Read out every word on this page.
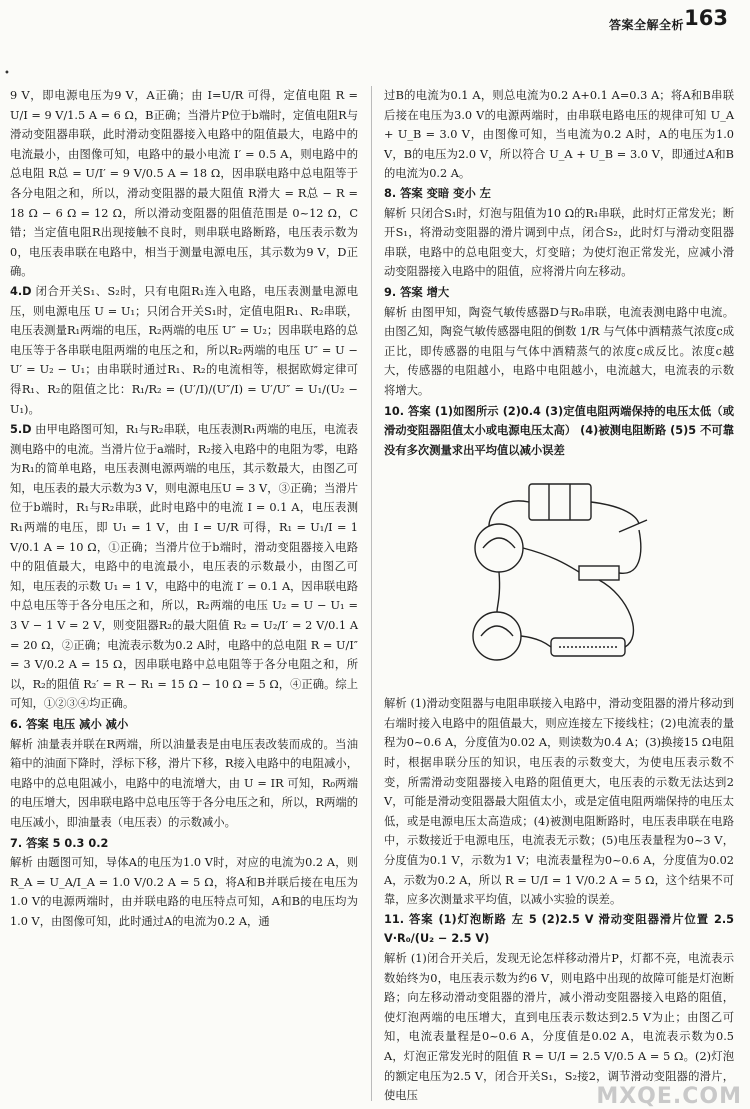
答案全解全析 163
•

9 V，即电源电压为9 V，A正确；由 I=U/R 可得，定值电阻 R = U/I = 9 V/1.5 A = 6 Ω，B正确；当滑片P位于b端时，定值电阻R与滑动变阻器串联，此时滑动变阻器接入电路中的阻值最大，电路中的电流最小，由图像可知，电路中的最小电流 I′ = 0.5 A，则电路中的总电阻 R总 = U/I′ = 9 V/0.5 A = 18 Ω，因串联电路中总电阻等于各分电阻之和，所以，滑动变阻器的最大阻值 R滑大 = R总 − R = 18 Ω − 6 Ω = 12 Ω，所以滑动变阻器的阻值范围是 0~12 Ω，C错；当定值电阻R出现接触不良时，则串联电路断路，电压表示数为0，电压表串联在电路中，相当于测量电源电压，其示数为9 V，D正确。

4.D 闭合开关S₁、S₂时，只有电阻R₁连入电路，电压表测量电源电压，则电源电压 U = U₁；只闭合开关S₁时，定值电阻R₁、R₂串联，电压表测量R₁两端的电压，R₂两端的电压 U″ = U₂；因串联电路的总电压等于各串联电阻两端的电压之和，所以R₂两端的电压 U″ = U − U′ = U₂ − U₁；由串联时通过R₁、R₂的电流相等，根据欧姆定律可得R₁、R₂的阻值之比：R₁/R₂ = (U′/I)/(U″/I) = U′/U″ = U₁/(U₂ − U₁)。

5.D 由甲电路图可知，R₁与R₂串联，电压表测R₁两端的电压，电流表测电路中的电流。当滑片位于a端时，R₂接入电路中的电阻为零，电路为R₁的简单电路，电压表测电源两端的电压，其示数最大，由图乙可知，电压表的最大示数为3 V，则电源电压U = 3 V，③正确；当滑片位于b端时，R₁与R₂串联，此时电路中的电流 I = 0.1 A，电压表测R₁两端的电压，即 U₁ = 1 V，由 I = U/R 可得，R₁ = U₁/I = 1 V/0.1 A = 10 Ω，①正确；当滑片位于b端时，滑动变阻器接入电路中的阻值最大，电路中的电流最小，电压表的示数最小，由图乙可知，电压表的示数 U₁ = 1 V，电路中的电流 I′ = 0.1 A，因串联电路中总电压等于各分电压之和，所以，R₂两端的电压 U₂ = U − U₁ = 3 V − 1 V = 2 V，则变阻器R₂的最大阻值 R₂ = U₂/I′ = 2 V/0.1 A = 20 Ω，②正确；电流表示数为0.2 A时，电路中的总电阻 R = U/I″ = 3 V/0.2 A = 15 Ω，因串联电路中总电阻等于各分电阻之和，所以，R₂的阻值 R₂′ = R − R₁ = 15 Ω − 10 Ω = 5 Ω，④正确。综上可知，①②③④均正确。

6. 答案 电压 减小 减小
解析 油量表并联在R两端，所以油量表是由电压表改装而成的。当油箱中的油面下降时，浮标下移，滑片下移，R接入电路中的电阻减小，电路中的总电阻减小，电路中的电流增大，由 U = IR 可知，R₀两端的电压增大，因串联电路中总电压等于各分电压之和，所以，R两端的电压减小，即油量表（电压表）的示数减小。

7. 答案 5 0.3 0.2
解析 由题图可知，导体A的电压为1.0 V时，对应的电流为0.2 A，则 R_A = U_A/I_A = 1.0 V/0.2 A = 5 Ω，将A和B并联后接在电压为1.0 V的电源两端时，由并联电路的电压特点可知，A和B的电压均为1.0 V，由图像可知，此时通过A的电流为0.2 A，通

过B的电流为0.1 A，则总电流为0.2 A+0.1 A=0.3 A；将A和B串联后接在电压为3.0 V的电源两端时，由串联电路电压的规律可知 U_A + U_B = 3.0 V，由图像可知，当电流为0.2 A时，A的电压为1.0 V，B的电压为2.0 V，所以符合 U_A + U_B = 3.0 V，即通过A和B的电流为0.2 A。

8. 答案 变暗 变小 左
解析 只闭合S₁时，灯泡与阻值为10 Ω的R₁串联，此时灯正常发光；断开S₁，将滑动变阻器的滑片调到中点，闭合S₂，此时灯与滑动变阻器串联，电路中的总电阻变大，灯变暗；为使灯泡正常发光，应减小滑动变阻器接入电路中的阻值，应将滑片向左移动。

9. 答案 增大
解析 由图甲知，陶瓷气敏传感器D与R₀串联，电流表测电路中电流。由图乙知，陶瓷气敏传感器电阻的倒数 1/R 与气体中酒精蒸气浓度c成正比，即传感器的电阻与气体中酒精蒸气的浓度c成反比。浓度c越大，传感器的电阻越小，电路中电阻越小，电流越大，电流表的示数将增大。

10. 答案 (1)如图所示 (2)0.4 (3)定值电阻两端保持的电压太低（或滑动变阻器阻值太小或电源电压太高） (4)被测电阻断路 (5)5 不可靠 没有多次测量求出平均值以减小误差

解析 (1)滑动变阻器与电阻串联接入电路中，滑动变阻器的滑片移动到右端时接入电路中的阻值最大，则应连接左下接线柱；(2)电流表的量程为0~0.6 A，分度值为0.02 A，则读数为0.4 A；(3)换接15 Ω电阻时，根据串联分压的知识，电压表的示数变大，为使电压表示数不变，所需滑动变阻器接入电路的阻值更大，电压表的示数无法达到2 V，可能是滑动变阻器最大阻值太小，或是定值电阻两端保持的电压太低，或是电源电压太高造成；(4)被测电阻断路时，电压表串联在电路中，示数接近于电源电压，电流表无示数；(5)电压表量程为0~3 V，分度值为0.1 V，示数为1 V；电流表量程为0~0.6 A，分度值为0.02 A，示数为0.2 A，所以 R = U/I = 1 V/0.2 A = 5 Ω，这个结果不可靠，应多次测量求平均值，以减小实验的误差。

11. 答案 (1)灯泡断路 左 5 (2)2.5 V 滑动变阻器滑片位置 2.5 V·R₀/(U₂ − 2.5 V)
解析 (1)闭合开关后，发现无论怎样移动滑片P，灯都不亮，电流表示数始终为0，电压表示数为约6 V，则电路中出现的故障可能是灯泡断路；向左移动滑动变阻器的滑片，减小滑动变阻器接入电路的阻值，使灯泡两端的电压增大，直到电压表示数达到2.5 V为止；由图乙可知，电流表量程是0~0.6 A，分度值是0.02 A，电流表示数为0.5 A，灯泡正常发光时的阻值 R = U/I = 2.5 V/0.5 A = 5 Ω。(2)灯泡的额定电压为2.5 V，闭合开关S₁，S₂接2，调节滑动变阻器的滑片，使电压	MXQE.COM
